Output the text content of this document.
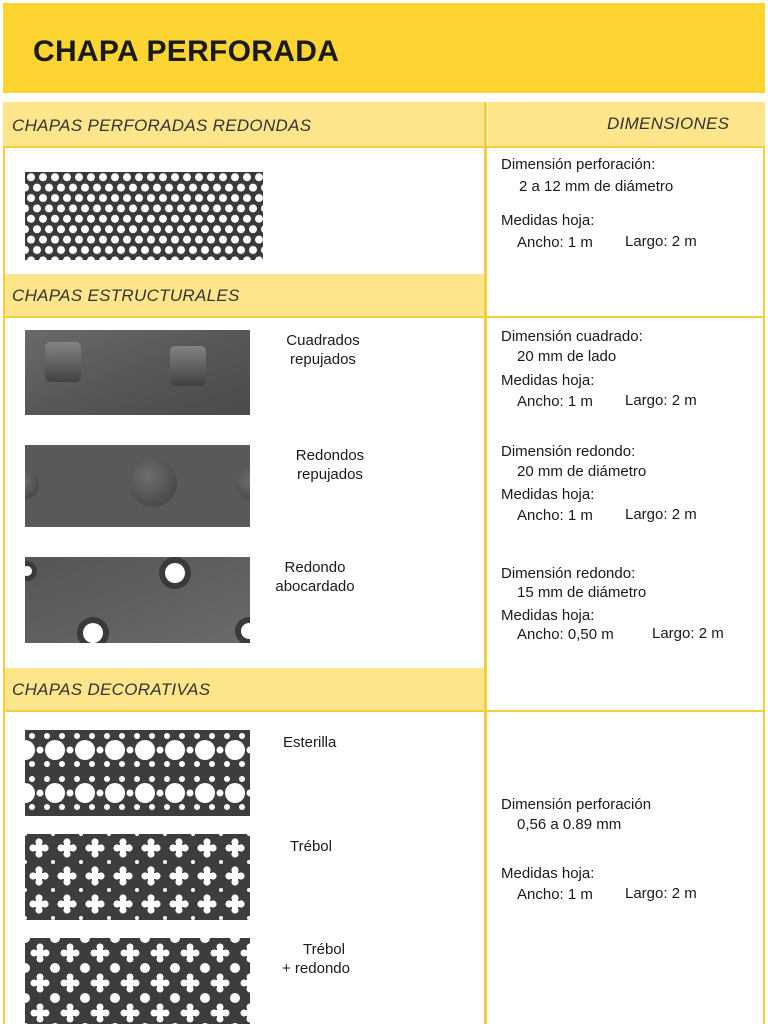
CHAPA PERFORADA
CHAPAS PERFORADAS REDONDAS	DIMENSIONES
CHAPAS ESTRUCTURALES
CHAPAS DECORATIVAS
Dimensión perforación:
2 a 12 mm de diámetro
Medidas hoja:
Ancho: 1 m Largo: 2 m
Cuadrados
repujados
Dimensión cuadrado:
20 mm de lado
Medidas hoja:
Ancho: 1 m Largo: 2 m
Redondos
repujados
Dimensión redondo:
20 mm de diámetro
Medidas hoja:
Ancho: 1 m Largo: 2 m
Redondo
abocardado
Dimensión redondo:
15 mm de diámetro
Medidas hoja:
Ancho: 0,50 m	Largo: 2 m
Esterilla
Trébol
Trébol
+ redondo
Dimensión perforación
0,56 a 0.89 mm
Medidas hoja:
Ancho: 1 m Largo: 2 m
